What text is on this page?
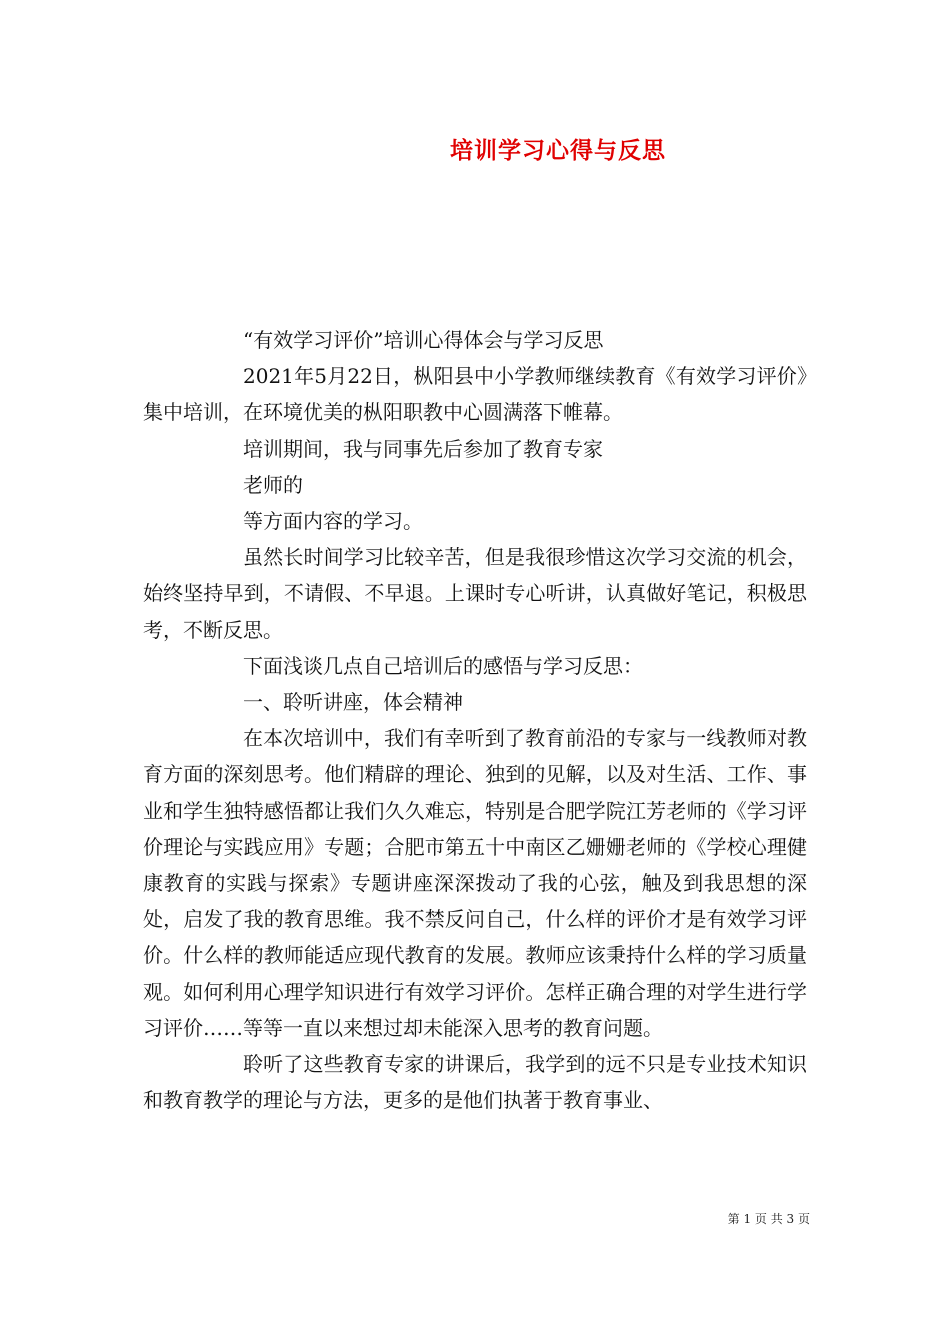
培训学习心得与反思

“有效学习评价”培训心得体会与学习反思

2021年5月22日，枞阳县中小学教师继续教育《有效学习评价》集中培训，在环境优美的枞阳职教中心圆满落下帷幕。

培训期间，我与同事先后参加了教育专家

老师的

等方面内容的学习。

虽然长时间学习比较辛苦，但是我很珍惜这次学习交流的机会，始终坚持早到，不请假、不早退。上课时专心听讲，认真做好笔记，积极思考，不断反思。

下面浅谈几点自己培训后的感悟与学习反思：

一、聆听讲座，体会精神

在本次培训中，我们有幸听到了教育前沿的专家与一线教师对教育方面的深刻思考。他们精辟的理论、独到的见解，以及对生活、工作、事业和学生独特感悟都让我们久久难忘，特别是合肥学院江芳老师的《学习评价理论与实践应用》专题；合肥市第五十中南区乙姗姗老师的《学校心理健康教育的实践与探索》专题讲座深深拨动了我的心弦，触及到我思想的深处，启发了我的教育思维。我不禁反问自己，什么样的评价才是有效学习评价。什么样的教师能适应现代教育的发展。教师应该秉持什么样的学习质量观。如何利用心理学知识进行有效学习评价。怎样正确合理的对学生进行学习评价……等等一直以来想过却未能深入思考的教育问题。

聆听了这些教育专家的讲课后，我学到的远不只是专业技术知识和教育教学的理论与方法，更多的是他们执著于教育事业、

第 1 页 共 3 页
